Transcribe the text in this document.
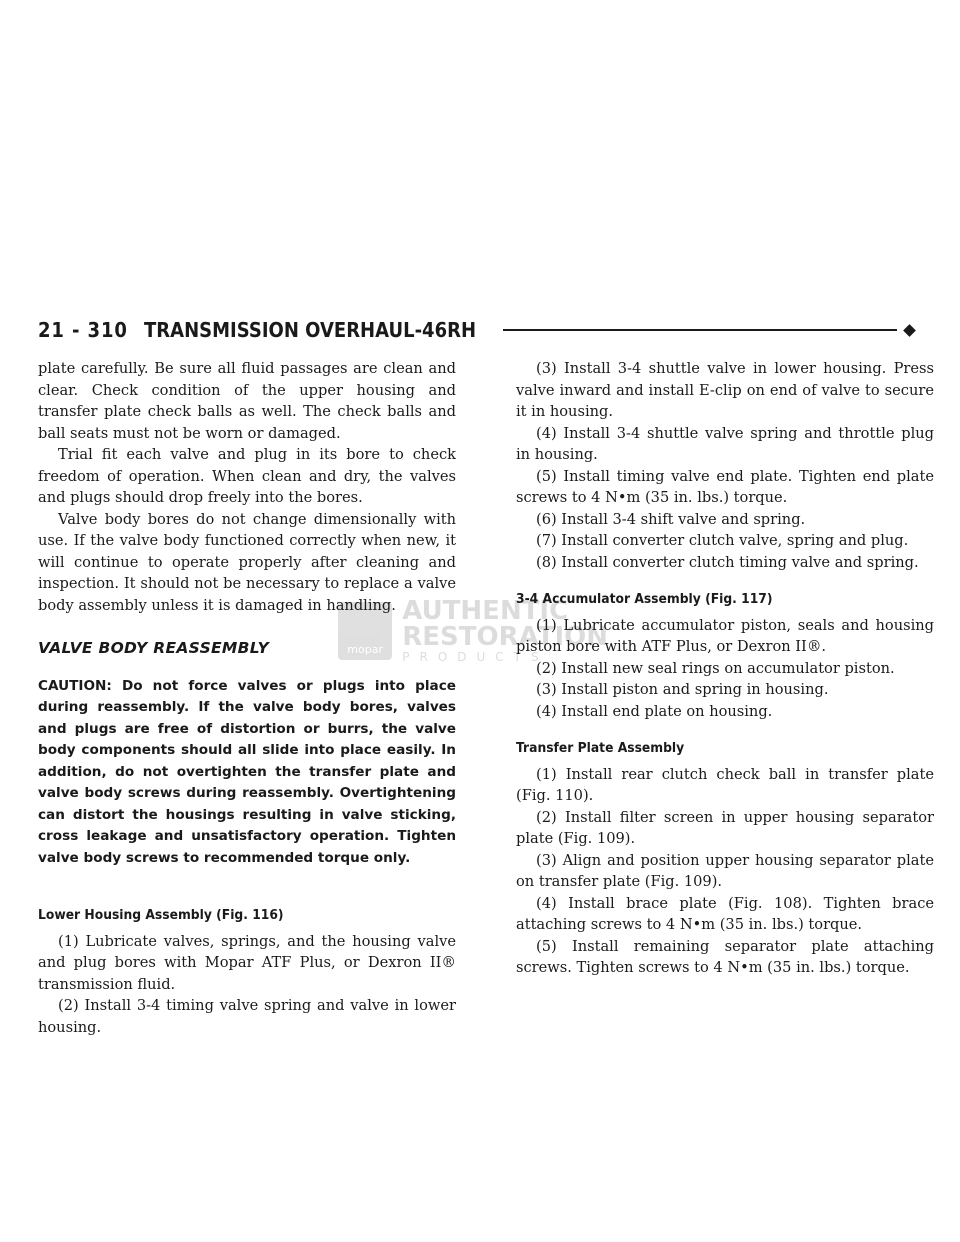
21 - 310 TRANSMISSION OVERHAUL-46RH
mopar
AUTHENTIC
RESTORATION
PRODUCTS

plate carefully. Be sure all fluid passages are clean and clear. Check condition of the upper housing and transfer plate check balls as well. The check balls and ball seats must not be worn or damaged.

Trial fit each valve and plug in its bore to check freedom of operation. When clean and dry, the valves and plugs should drop freely into the bores.

Valve body bores do not change dimensionally with use. If the valve body functioned correctly when new, it will continue to operate properly after cleaning and inspection. It should not be necessary to replace a valve body assembly unless it is damaged in handling.

VALVE BODY REASSEMBLY

CAUTION: Do not force valves or plugs into place during reassembly. If the valve body bores, valves and plugs are free of distortion or burrs, the valve body components should all slide into place easily. In addition, do not overtighten the transfer plate and valve body screws during reassembly. Overtightening can distort the housings resulting in valve sticking, cross leakage and unsatisfactory operation. Tighten valve body screws to recommended torque only.

Lower Housing Assembly (Fig. 116)

(1) Lubricate valves, springs, and the housing valve and plug bores with Mopar ATF Plus, or Dexron II® transmission fluid.

(2) Install 3-4 timing valve spring and valve in lower housing.

(3) Install 3-4 shuttle valve in lower housing. Press valve inward and install E-clip on end of valve to secure it in housing.

(4) Install 3-4 shuttle valve spring and throttle plug in housing.

(5) Install timing valve end plate. Tighten end plate screws to 4 N•m (35 in. lbs.) torque.

(6) Install 3-4 shift valve and spring.

(7) Install converter clutch valve, spring and plug.

(8) Install converter clutch timing valve and spring.

3-4 Accumulator Assembly (Fig. 117)

(1) Lubricate accumulator piston, seals and housing piston bore with ATF Plus, or Dexron II®.

(2) Install new seal rings on accumulator piston.

(3) Install piston and spring in housing.

(4) Install end plate on housing.

Transfer Plate Assembly

(1) Install rear clutch check ball in transfer plate (Fig. 110).

(2) Install filter screen in upper housing separator plate (Fig. 109).

(3) Align and position upper housing separator plate on transfer plate (Fig. 109).

(4) Install brace plate (Fig. 108). Tighten brace attaching screws to 4 N•m (35 in. lbs.) torque.

(5) Install remaining separator plate attaching screws. Tighten screws to 4 N•m (35 in. lbs.) torque.
